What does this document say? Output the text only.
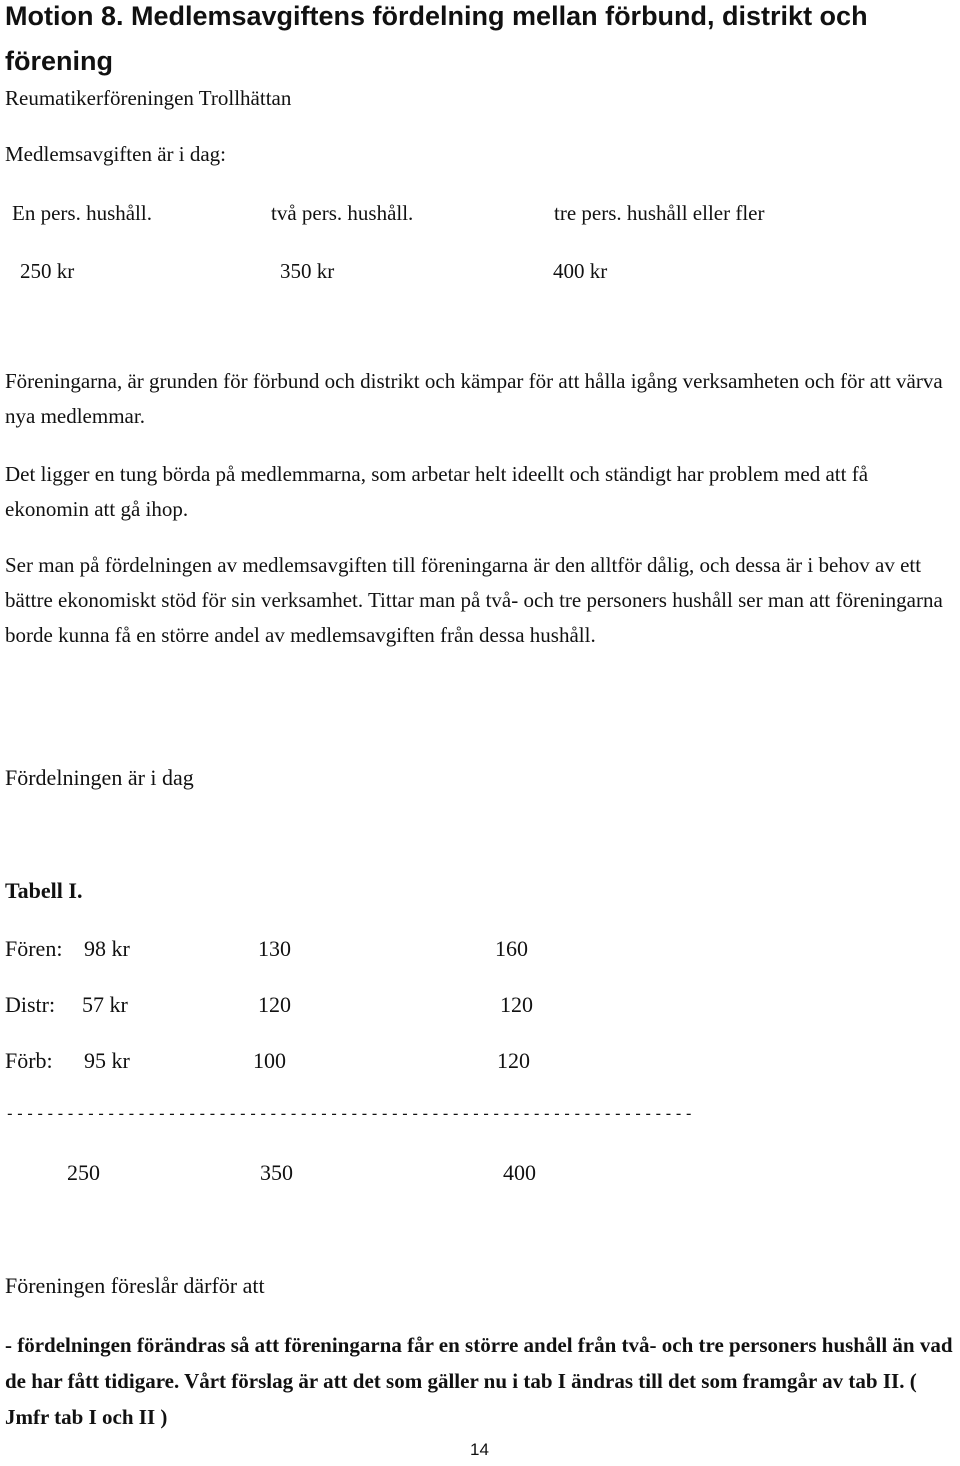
Motion 8. Medlemsavgiftens fördelning mellan förbund, distrikt och förening
Reumatikerföreningen Trollhättan
Medlemsavgiften är i dag:
En pers. hushåll.	två pers. hushåll.	tre pers. hushåll eller fler
250 kr	350 kr	400 kr
Föreningarna, är grunden för förbund och distrikt och kämpar för att hålla igång verksamheten och för att värva nya medlemmar.
Det ligger en tung börda på medlemmarna, som arbetar helt ideellt och ständigt har problem med att få ekonomin att gå ihop.
Ser man på fördelningen av medlemsavgiften till föreningarna är den alltför dålig, och dessa är i behov av ett bättre ekonomiskt stöd för sin verksamhet. Tittar man på två- och tre personers hushåll ser man att föreningarna borde kunna få en större andel av medlemsavgiften från dessa hushåll.
Fördelningen är i dag
Tabell I.
Fören: 98 kr	130	160
Distr: 57 kr	120	120
Förb: 95 kr	100	120
--------------------------------------------------------------------
250	350	400
Föreningen föreslår därför att
- fördelningen förändras så att föreningarna får en större andel från två- och tre personers hushåll än vad de har fått tidigare. Vårt förslag är att det som gäller nu i tab I ändras till det som framgår av tab II. ( Jmfr tab I och II )
14
